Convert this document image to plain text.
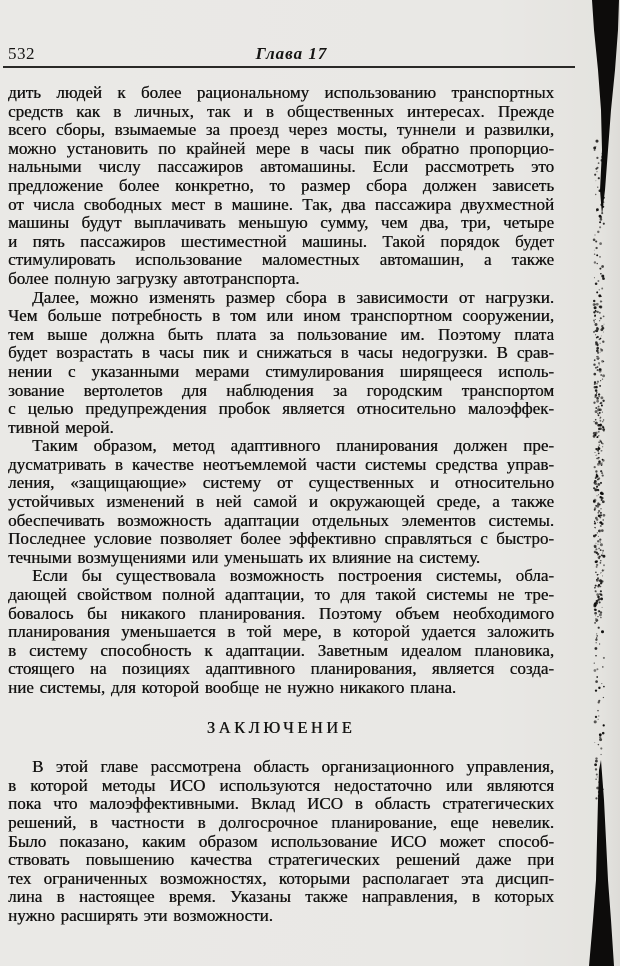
532	Глава 17
дить людей к более рациональному использованию транспортных
средств как в личных, так и в общественных интересах. Прежде
всего сборы, взымаемые за проезд через мосты, туннели и развилки,
можно установить по крайней мере в часы пик обратно пропорцио-
нальными числу пассажиров автомашины. Если рассмотреть это
предложение более конкретно, то размер сбора должен зависеть
от числа свободных мест в машине. Так, два пассажира двухместной
машины будут выплачивать меньшую сумму, чем два, три, четыре
и пять пассажиров шестиместной машины. Такой порядок будет
стимулировать использование маломестных автомашин, а также
более полную загрузку автотранспорта.
Далее, можно изменять размер сбора в зависимости от нагрузки.
Чем больше потребность в том или ином транспортном сооружении,
тем выше должна быть плата за пользование им. Поэтому плата
будет возрастать в часы пик и снижаться в часы недогрузки. В срав-
нении с указанными мерами стимулирования ширящееся исполь-
зование вертолетов для наблюдения за городским транспортом
с целью предупреждения пробок является относительно малоэффек-
тивной мерой.
Таким образом, метод адаптивного планирования должен пре-
дусматривать в качестве неотъемлемой части системы средства управ-
ления, «защищающие» систему от существенных и относительно
устойчивых изменений в ней самой и окружающей среде, а также
обеспечивать возможность адаптации отдельных элементов системы.
Последнее условие позволяет более эффективно справляться с быстро-
течными возмущениями или уменьшать их влияние на систему.
Если бы существовала возможность построения системы, обла-
дающей свойством полной адаптации, то для такой системы не тре-
бовалось бы никакого планирования. Поэтому объем необходимого
планирования уменьшается в той мере, в которой удается заложить
в систему способность к адаптации. Заветным идеалом плановика,
стоящего на позициях адаптивного планирования, является созда-
ние системы, для которой вообще не нужно никакого плана.
ЗАКЛЮЧЕНИЕ
В этой главе рассмотрена область организационного управления,
в которой методы ИСО используются недостаточно или являются
пока что малоэффективными. Вклад ИСО в область стратегических
решений, в частности в долгосрочное планирование, еще невелик.
Было показано, каким образом использование ИСО может способ-
ствовать повышению качества стратегических решений даже при
тех ограниченных возможностях, которыми располагает эта дисцип-
лина в настоящее время. Указаны также направления, в которых
нужно расширять эти возможности.
